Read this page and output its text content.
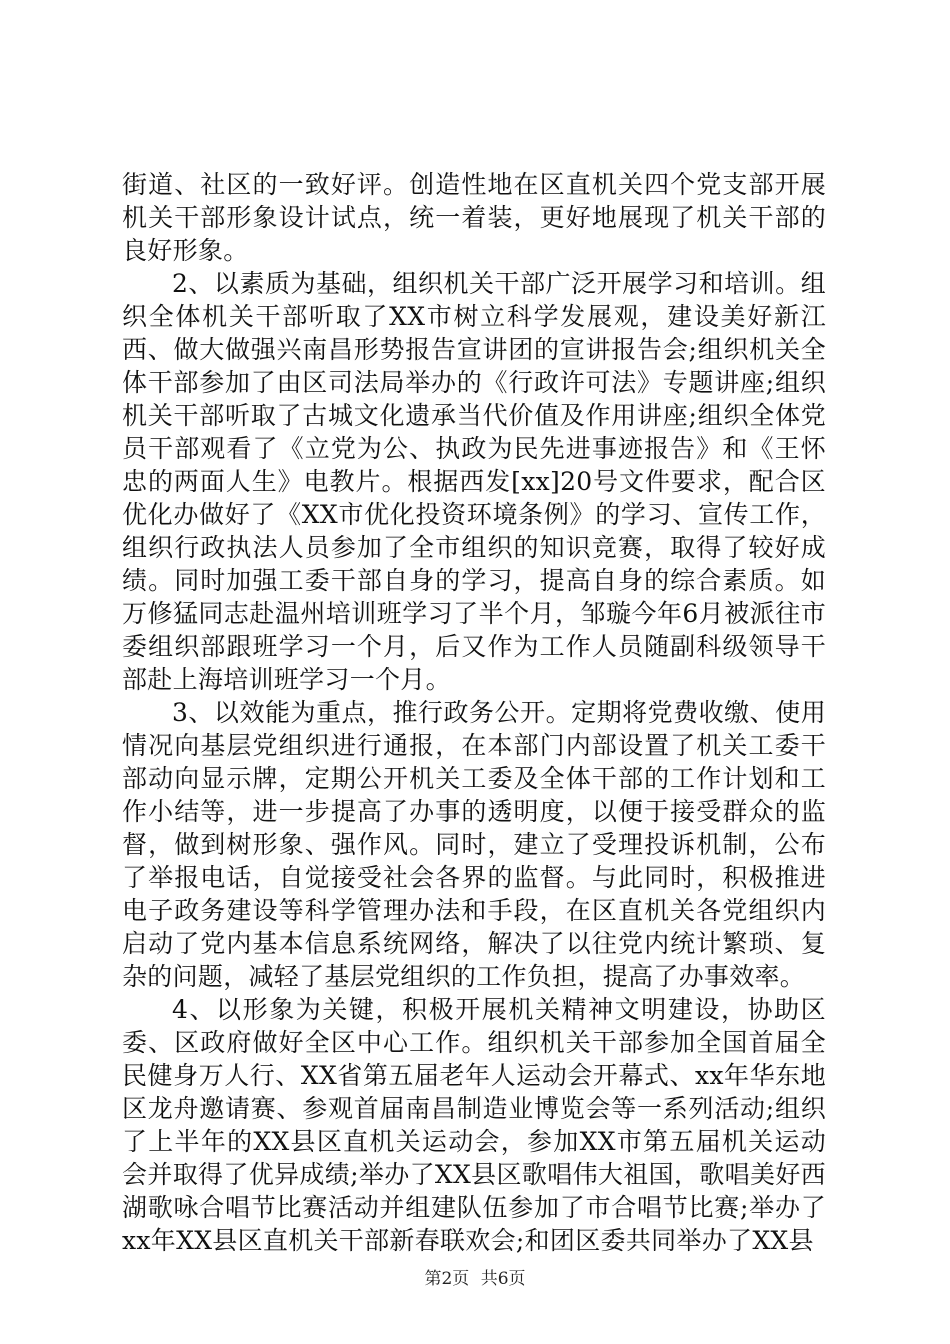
街道、社区的一致好评。创造性地在区直机关四个党支部开展机关干部形象设计试点，统一着装，更好地展现了机关干部的良好形象。

2、以素质为基础，组织机关干部广泛开展学习和培训。组织全体机关干部听取了XX市树立科学发展观，建设美好新江西、做大做强兴南昌形势报告宣讲团的宣讲报告会;组织机关全体干部参加了由区司法局举办的《行政许可法》专题讲座;组织机关干部听取了古城文化遗承当代价值及作用讲座;组织全体党员干部观看了《立党为公、执政为民先进事迹报告》和《王怀忠的两面人生》电教片。根据西发[xx]20号文件要求，配合区优化办做好了《XX市优化投资环境条例》的学习、宣传工作，组织行政执法人员参加了全市组织的知识竞赛，取得了较好成绩。同时加强工委干部自身的学习，提高自身的综合素质。如万修猛同志赴温州培训班学习了半个月，邹璇今年6月被派往市委组织部跟班学习一个月，后又作为工作人员随副科级领导干部赴上海培训班学习一个月。

3、以效能为重点，推行政务公开。定期将党费收缴、使用情况向基层党组织进行通报，在本部门内部设置了机关工委干部动向显示牌，定期公开机关工委及全体干部的工作计划和工作小结等，进一步提高了办事的透明度，以便于接受群众的监督，做到树形象、强作风。同时，建立了受理投诉机制，公布了举报电话，自觉接受社会各界的监督。与此同时，积极推进电子政务建设等科学管理办法和手段，在区直机关各党组织内启动了党内基本信息系统网络，解决了以往党内统计繁琐、复杂的问题，减轻了基层党组织的工作负担，提高了办事效率。

4、以形象为关键，积极开展机关精神文明建设，协助区委、区政府做好全区中心工作。组织机关干部参加全国首届全民健身万人行、XX省第五届老年人运动会开幕式、xx年华东地区龙舟邀请赛、参观首届南昌制造业博览会等一系列活动;组织了上半年的XX县区直机关运动会，参加XX市第五届机关运动会并取得了优异成绩;举办了XX县区歌唱伟大祖国，歌唱美好西湖歌咏合唱节比赛活动并组建队伍参加了市合唱节比赛;举办了xx年XX县区直机关干部新春联欢会;和团区委共同举办了XX县

第2页 共6页
